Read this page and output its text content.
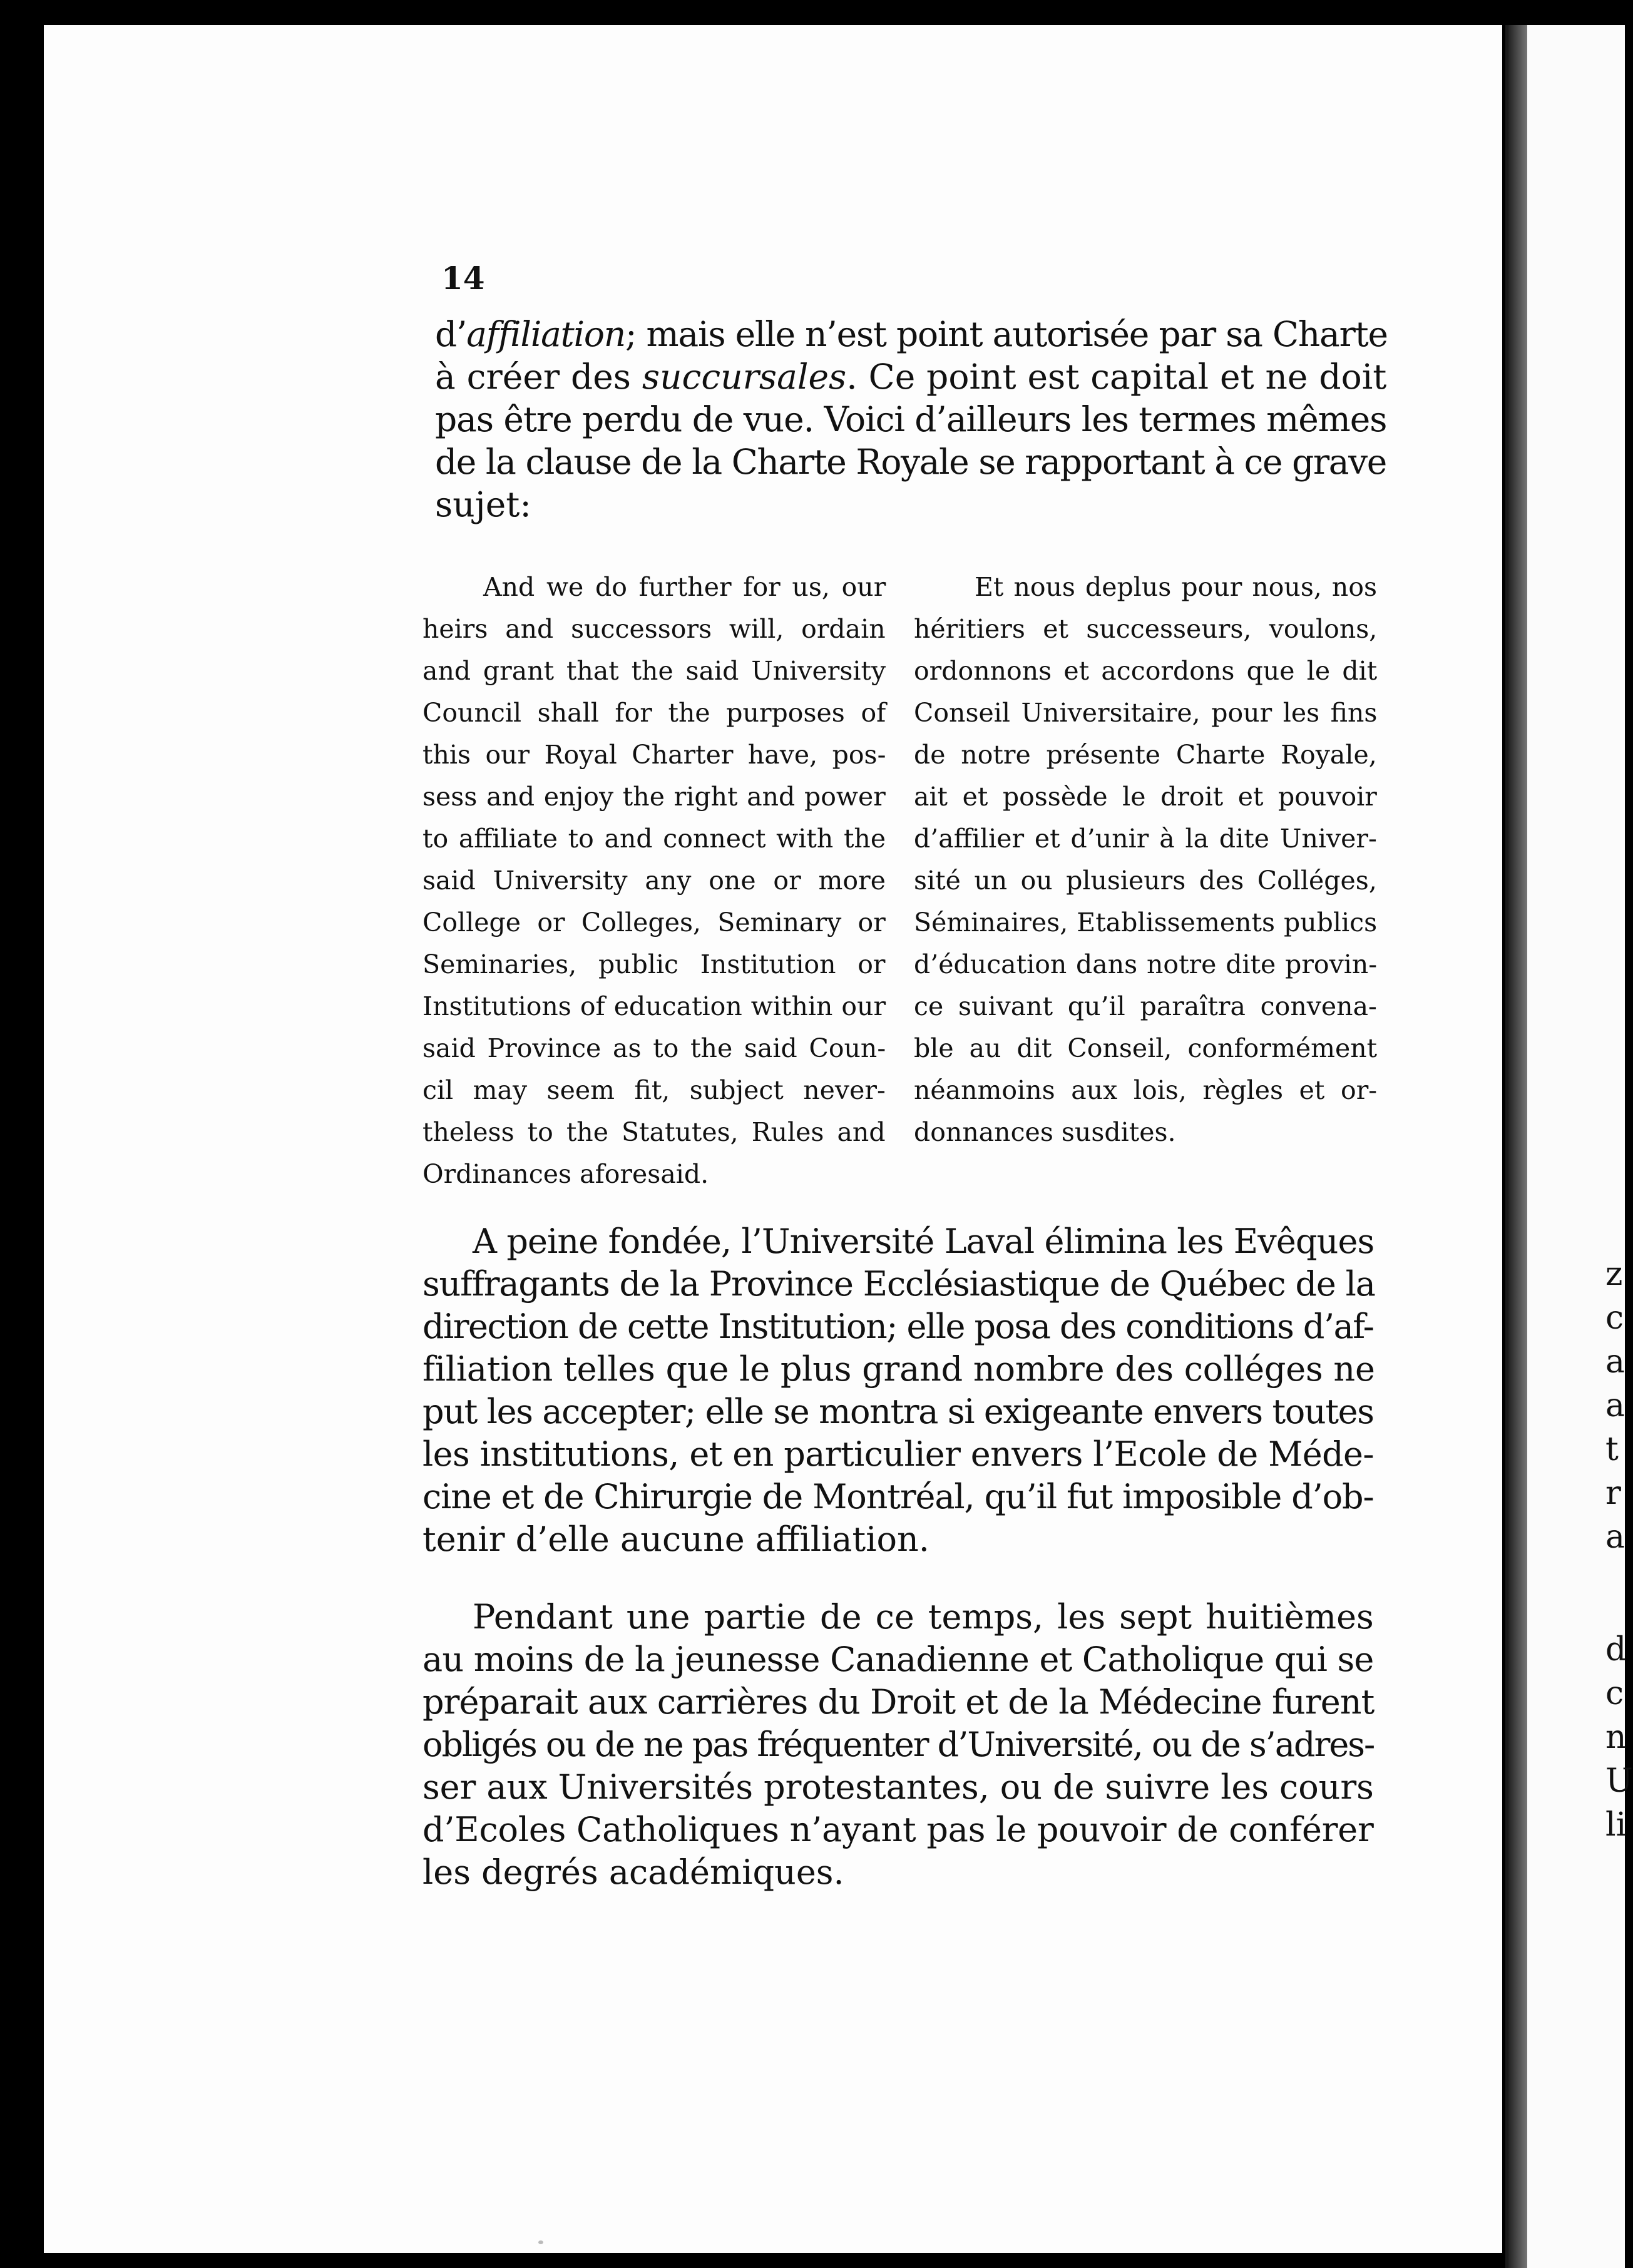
z
c
a
a
t
r
a
d
c
n
U
li
14
d’affiliation; mais elle n’est point autorisée par sa Charte
à créer des succursales. Ce point est capital et ne doit
pas être perdu de vue. Voici d’ailleurs les termes mêmes
de la clause de la Charte Royale se rapportant à ce grave
sujet:
And we do further for us, our
heirs and successors will, ordain
and grant that the said University
Council shall for the purposes of
this our Royal Charter have, pos-
sess and enjoy the right and power
to affiliate to and connect with the
said University any one or more
College or Colleges, Seminary or
Seminaries, public Institution or
Institutions of education within our
said Province as to the said Coun-
cil may seem fit, subject never-
theless to the Statutes, Rules and
Ordinances aforesaid.
Et nous deplus pour nous, nos
héritiers et successeurs, voulons,
ordonnons et accordons que le dit
Conseil Universitaire, pour les fins
de notre présente Charte Royale,
ait et possède le droit et pouvoir
d’affilier et d’unir à la dite Univer-
sité un ou plusieurs des Colléges,
Séminaires, Etablissements publics
d’éducation dans notre dite provin-
ce suivant qu’il paraîtra convena-
ble au dit Conseil, conformément
néanmoins aux lois, règles et or-
donnances susdites.
A peine fondée, l’Université Laval élimina les Evêques
suffragants de la Province Ecclésiastique de Québec de la
direction de cette Institution; elle posa des conditions d’af-
filiation telles que le plus grand nombre des colléges ne
put les accepter; elle se montra si exigeante envers toutes
les institutions, et en particulier envers l’Ecole de Méde-
cine et de Chirurgie de Montréal, qu’il fut imposible d’ob-
tenir d’elle aucune affiliation.
Pendant une partie de ce temps, les sept huitièmes
au moins de la jeunesse Canadienne et Catholique qui se
préparait aux carrières du Droit et de la Médecine furent
obligés ou de ne pas fréquenter d’Université, ou de s’adres-
ser aux Universités protestantes, ou de suivre les cours
d’Ecoles Catholiques n’ayant pas le pouvoir de conférer
les degrés académiques.
